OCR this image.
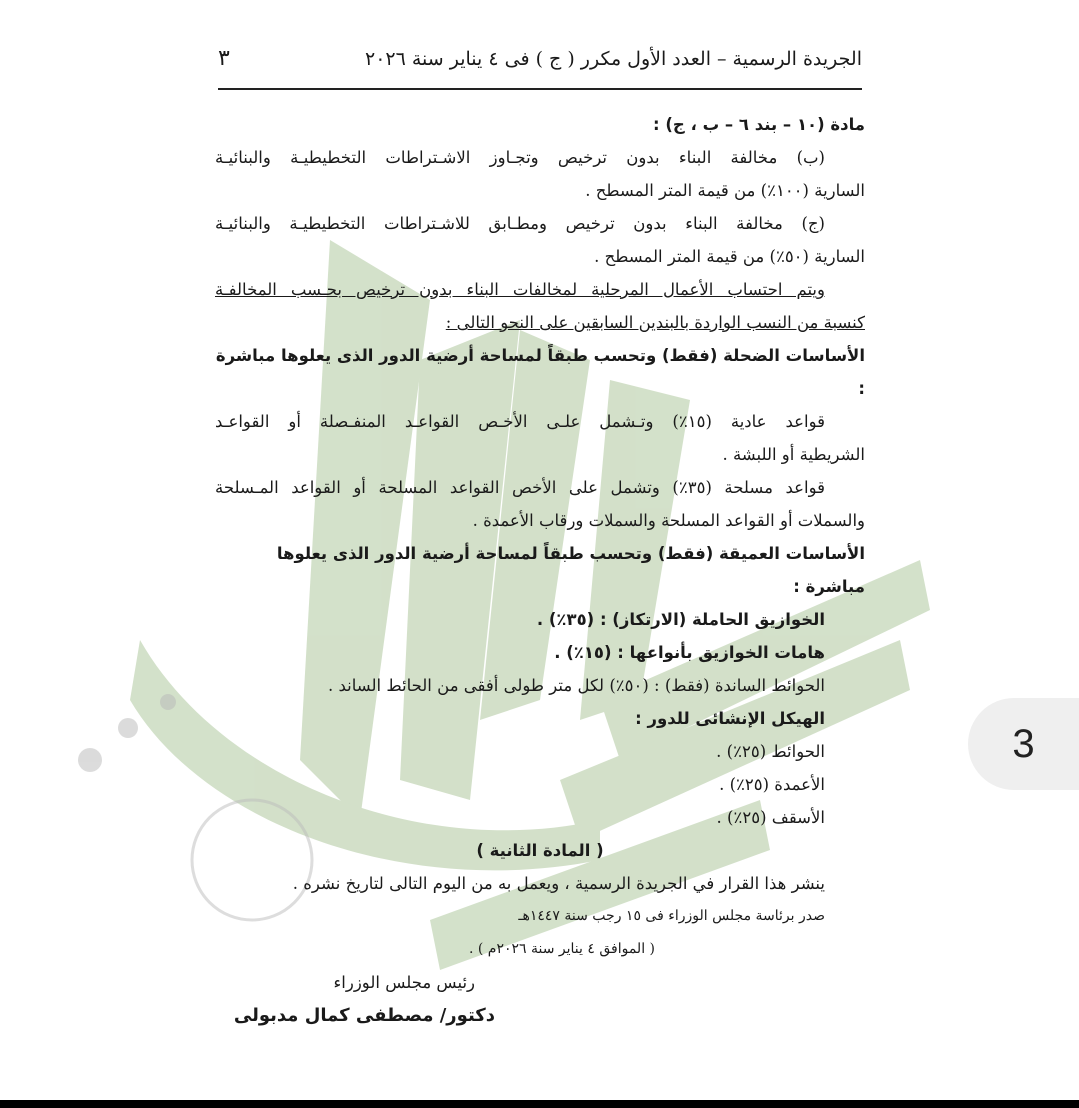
الجريدة الرسمية – العدد الأول مكرر ( ج ) فى ٤ يناير سنة ٢٠٢٦
٣

مادة (١٠ – بند ٦ – ب ، ج) :

(ب) مخالفة البناء بدون ترخيص وتجـاوز الاشـتراطات التخطيطيـة والبنائيـة

السارية (١٠٠٪) من قيمة المتر المسطح .

(ج) مخالفة البناء بدون ترخيص ومطـابق للاشـتراطات التخطيطيـة والبنائيـة

السارية (٥٠٪) من قيمة المتر المسطح .

ويتم احتساب الأعمال المرحلية لمخالفات البناء بدون ترخيص بحـسب المخالفـة

كنسبة من النسب الواردة بالبندين السابقين على النحو التالى :

الأساسات الضحلة (فقط) وتحسب طبقاً لمساحة أرضية الدور الذى يعلوها مباشرة :

قواعد عادية (١٥٪) وتـشمل علـى الأخـص القواعـد المنفـصلة أو القواعـد

الشريطية أو اللبشة .

قواعد مسلحة (٣٥٪) وتشمل على الأخص القواعد المسلحة أو القواعد المـسلحة

والسملات أو القواعد المسلحة والسملات ورقاب الأعمدة .

الأساسات العميقة (فقط) وتحسب طبقاً لمساحة أرضية الدور الذى يعلوها مباشرة :

الخوازيق الحاملة (الارتكاز) : (٣٥٪) .

هامات الخوازيق بأنواعها : (١٥٪) .

الحوائط الساندة (فقط) : (٥٠٪) لكل متر طولى أفقى من الحائط الساند .

الهيكل الإنشائى للدور :

الحوائط (٢٥٪) .

الأعمدة (٢٥٪) .

الأسقف (٢٥٪) .

( المادة الثانية )

ينشر هذا القرار في الجريدة الرسمية ، ويعمل به من اليوم التالى لتاريخ نشره .

صدر برئاسة مجلس الوزراء فى ١٥ رجب سنة ١٤٤٧هـ

( الموافق ٤ يناير سنة ٢٠٢٦م ) .

رئيس مجلس الوزراء

دكتور/ مصطفى كمال مدبولى

3
